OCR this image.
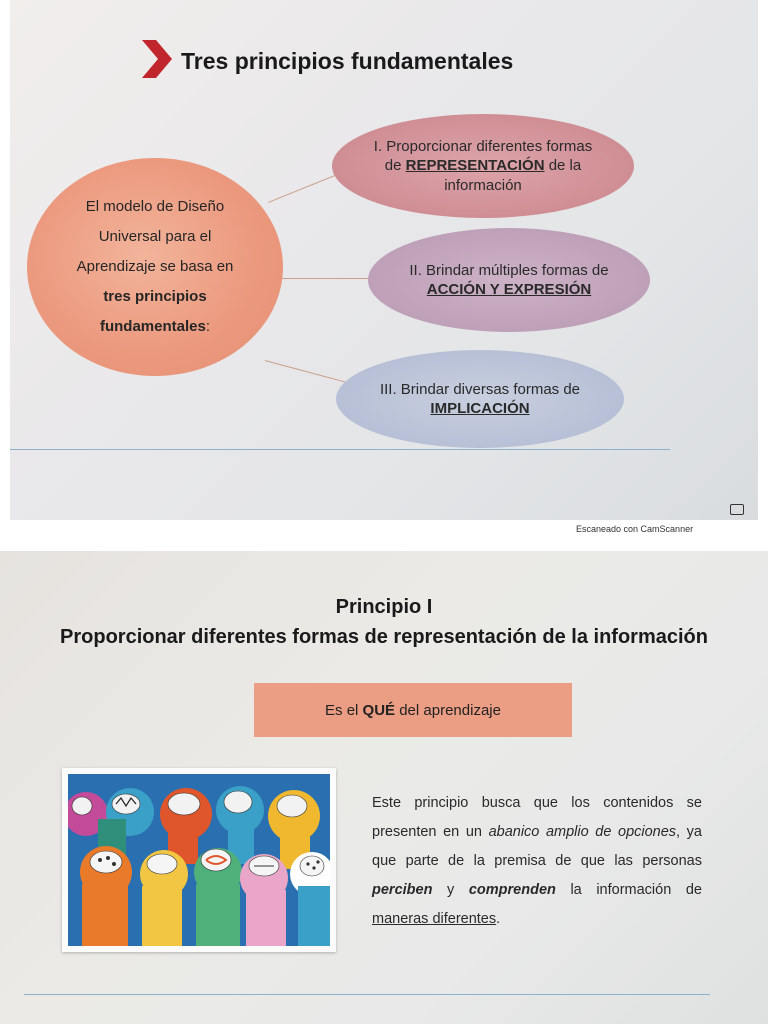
Tres principios fundamentales
El modelo de Diseño
Universal para el
Aprendizaje se basa en
tres principios
fundamentales:
I. Proporcionar diferentes formas
de REPRESENTACIÓN de la
información
II. Brindar múltiples formas de
ACCIÓN Y EXPRESIÓN
III. Brindar diversas formas de
IMPLICACIÓN
Escaneado con CamScanner
Principio I
Proporcionar diferentes formas de representación de la información
Es el QUÉ del aprendizaje
Este principio busca que los contenidos se presenten en un abanico amplio de opciones, ya que parte de la premisa de que las personas perciben y comprenden la información de maneras diferentes.
